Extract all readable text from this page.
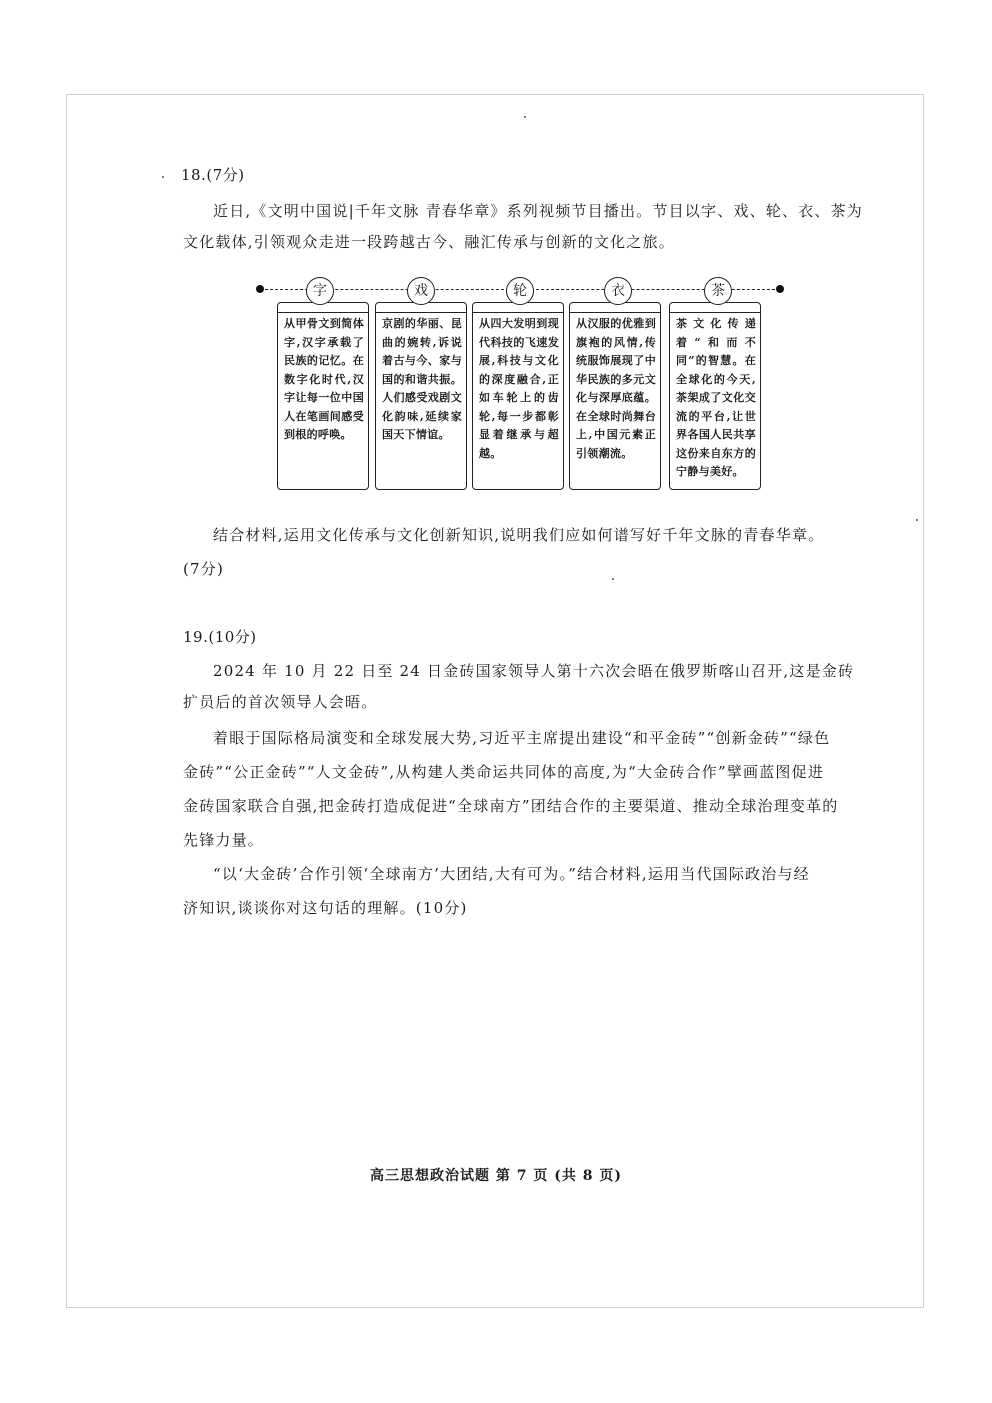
18.(7分)

近日,《文明中国说|千年文脉 青春华章》系列视频节目播出。节目以字、戏、轮、衣、茶为

文化载体,引领观众走进一段跨越古今、融汇传承与创新的文化之旅。

从甲骨文到简体字,汉字承载了民族的记忆。在数字化时代,汉字让每一位中国人在笔画间感受到根的呼唤。
字
京剧的华丽、昆曲的婉转,诉说着古与今、家与国的和谐共振。人们感受戏剧文化韵味,延续家国天下情谊。
戏
从四大发明到现代科技的飞速发展,科技与文化的深度融合,正如车轮上的齿轮,每一步都彰显着继承与超越。
轮
从汉服的优雅到旗袍的风情,传统服饰展现了中华民族的多元文化与深厚底蕴。在全球时尚舞台上,中国元素正引领潮流。
衣
茶文化传递着“和而不同”的智慧。在全球化的今天,茶架成了文化交流的平台,让世界各国人民共享这份来自东方的宁静与美好。
茶

结合材料,运用文化传承与文化创新知识,说明我们应如何谱写好千年文脉的青春华章。

(7分)

19.(10分)

2024 年 10 月 22 日至 24 日金砖国家领导人第十六次会晤在俄罗斯喀山召开,这是金砖

扩员后的首次领导人会晤。

着眼于国际格局演变和全球发展大势,习近平主席提出建设“和平金砖”“创新金砖”“绿色

金砖”“公正金砖”“人文金砖”,从构建人类命运共同体的高度,为“大金砖合作”擘画蓝图促进

金砖国家联合自强,把金砖打造成促进“全球南方”团结合作的主要渠道、推动全球治理变革的

先锋力量。

“以‘大金砖’合作引领‘全球南方’大团结,大有可为。”结合材料,运用当代国际政治与经

济知识,谈谈你对这句话的理解。(10分)

高三思想政治试题 第 7 页 (共 8 页)
